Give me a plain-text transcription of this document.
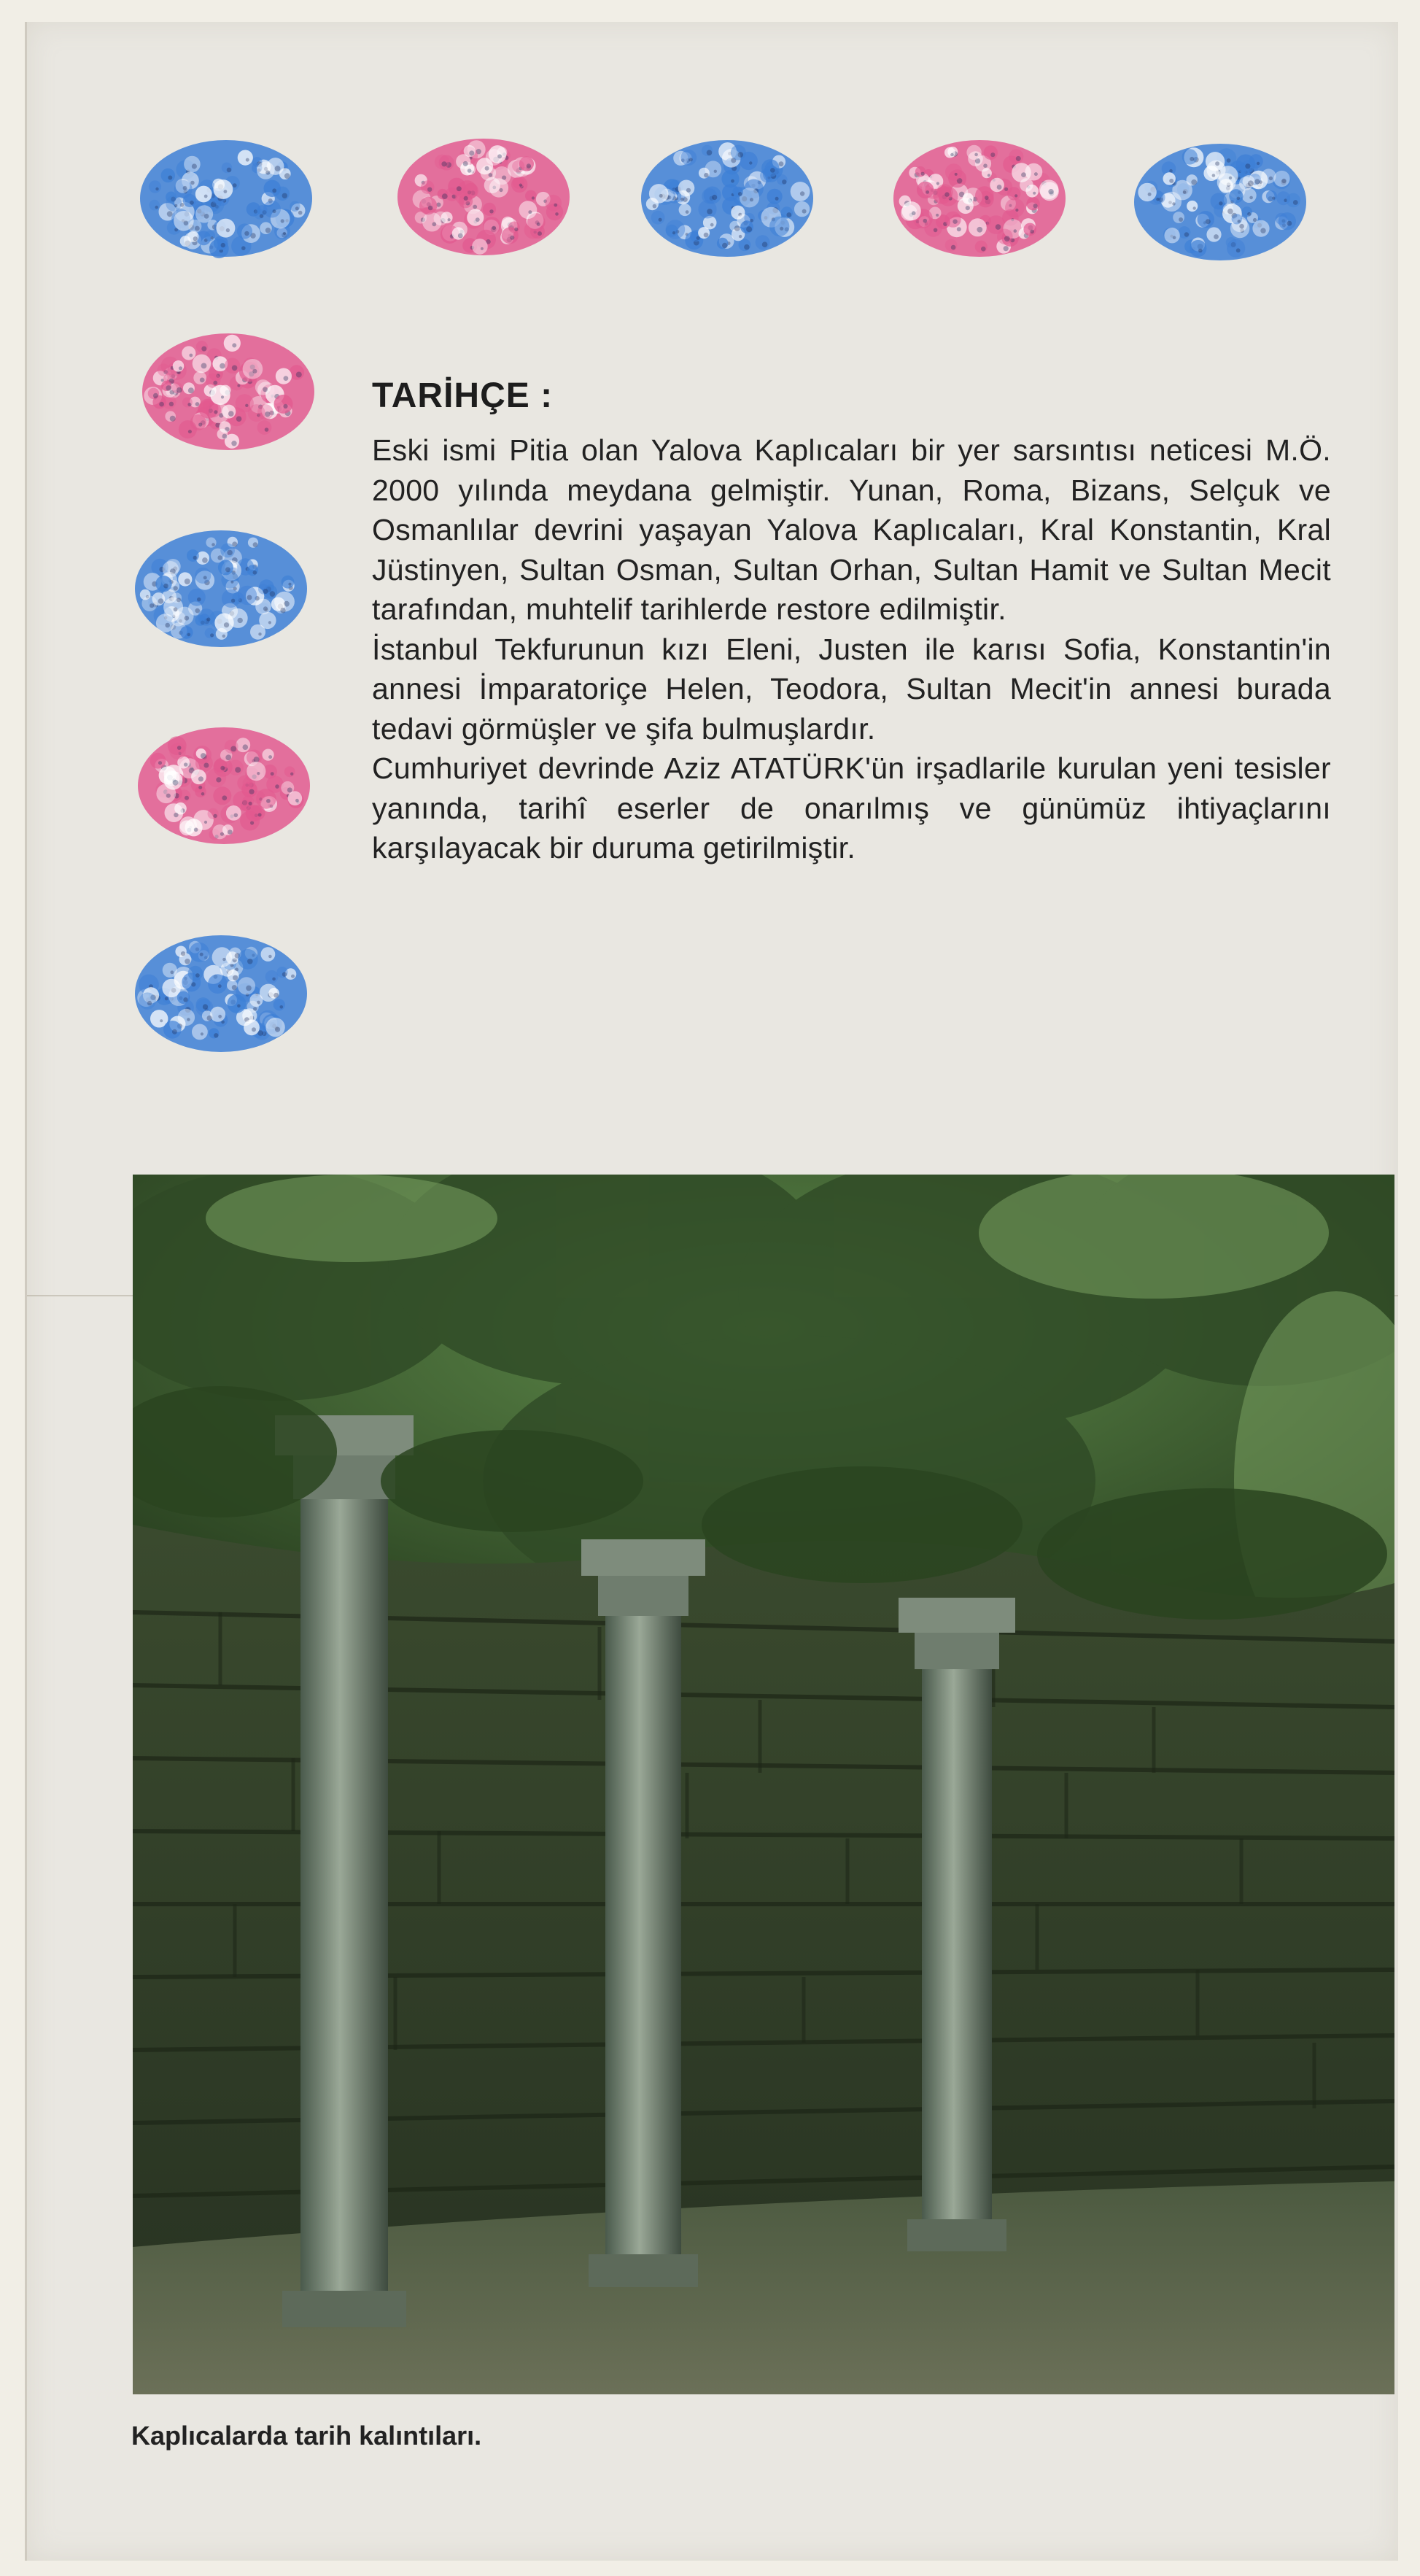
TARİHÇE :

Eski ismi Pitia olan Yalova Kaplıcaları bir yer sarsıntısı neticesi M.Ö. 2000 yılında meydana gelmiştir. Yunan, Roma, Bizans, Selçuk ve Osmanlılar devrini yaşayan Yalova Kaplıcaları, Kral Konstantin, Kral Jüstinyen, Sultan Osman, Sultan Orhan, Sultan Hamit ve Sultan Mecit tarafından, muhtelif tarihlerde restore edilmiştir.

İstanbul Tekfurunun kızı Eleni, Justen ile karısı Sofia, Konstantin'in annesi İmparatoriçe Helen, Teodora, Sultan Mecit'in annesi burada tedavi görmüşler ve şifa bulmuşlardır.

Cumhuriyet devrinde Aziz ATATÜRK'ün irşadlarile kurulan yeni tesisler yanında, tarihî eserler de onarılmış ve günümüz ihtiyaçlarını karşılayacak bir duruma getirilmiştir.

Kaplıcalarda tarih kalıntıları.
